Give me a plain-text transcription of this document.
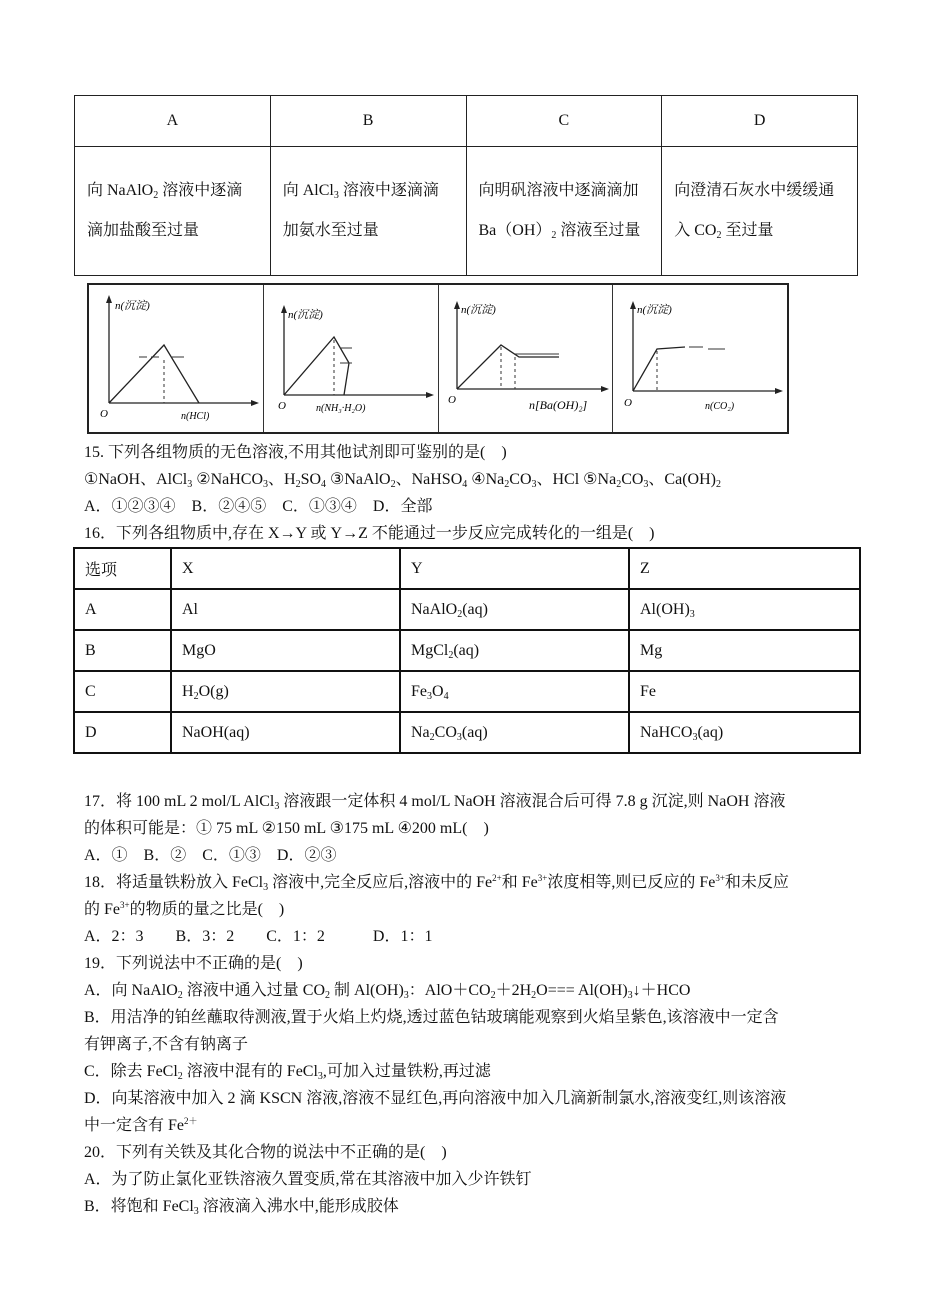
A	B	C	D
向 NaAlO$_2$ 溶液中逐滴滴加盐酸至过量	向 AlCl$_3$ 溶液中逐滴滴加氨水至过量	向明矾溶液中逐滴滴加 $Ba(OH)_2$ 溶液至过量	向澄清石灰水中缓缓通入 $CO_2$ 至过量
n(沉淀)
n(HCl)
O
n(沉淀)
n(NH₃·H₂O)
O
n(沉淀)
n[Ba(OH)₂]
O
n(沉淀)
n(CO₂)
O

15. 下列各组物质的无色溶液,不用其他试剂即可鉴别的是(　)

①NaOH、AlCl$_3$ ②NaHCO$_3$、$H_2SO_4$ ③NaAlO$_2$、NaHSO$_4$ $④Na_2CO_3$、HCl $⑤Na_2CO_3$、$Ca(OH)_2$

A．①②③④　B．②④⑤　C．①③④　D．全部

16．下列各组物质中,存在 X→Y 或 Y→Z 不能通过一步反应完成转化的一组是(　)

选项	X	Y	Z
A	Al	NaAlO$_2$(aq)	$Al(OH)_3$
B	MgO	MgCl$_2$(aq)	Mg
C	$H_2O(g)$	$Fe_3O_4$	Fe
D	NaOH(aq)	$Na_2CO_3(aq)$	NaHCO$_3$(aq)

17．将 100 mL 2 mol/L AlCl$_3$ 溶液跟一定体积 4 mol/L NaOH 溶液混合后可得 7.8 g 沉淀,则 NaOH 溶液

的体积可能是：① 75 mL ②150 mL ③175 mL ④200 mL(　)

A．①　B．②　C．①③　D．②③

18．将适量铁粉放入 FeCl$_3$ 溶液中,完全反应后,溶液中的 $Fe^{2+}$和 $Fe^{3+}$浓度相等,则已反应的 $Fe^{3+}$和未反应

的 $Fe^{3+}$的物质的量之比是(　)

A．2：3　　B．3：2　　C．1：2　　　D．1：1

19．下列说法中不正确的是(　)

A．向 NaAlO$_2$ 溶液中通入过量 $CO_2$ 制 $Al(OH)_3$：$AlO+CO_2+2H_2O===$ $Al(OH)_3↓+HCO$

B．用洁净的铂丝蘸取待测液,置于火焰上灼烧,透过蓝色钴玻璃能观察到火焰呈紫色,该溶液中一定含

有钾离子,不含有钠离子

C．除去 FeCl$_2$ 溶液中混有的 FeCl$_3$,可加入过量铁粉,再过滤

D．向某溶液中加入 2 滴 KSCN 溶液,溶液不显红色,再向溶液中加入几滴新制氯水,溶液变红,则该溶液

中一定含有 $Fe^{2+}$

20．下列有关铁及其化合物的说法中不正确的是(　)

A．为了防止氯化亚铁溶液久置变质,常在其溶液中加入少许铁钉

B．将饱和 FeCl$_3$ 溶液滴入沸水中,能形成胶体
